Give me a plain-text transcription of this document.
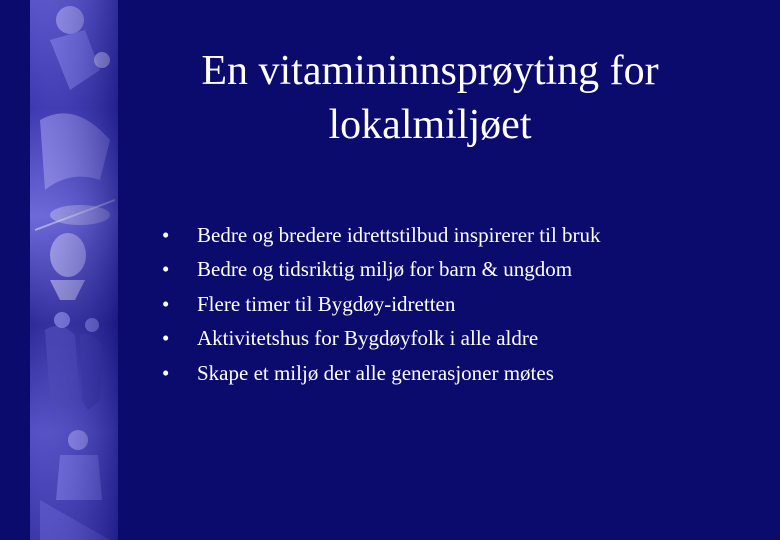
En vitamininnsprøyting for lokalmiljøet
•	Bedre og bredere idrettstilbud inspirerer til bruk
•	Bedre og tidsriktig miljø for barn & ungdom
•	Flere timer til Bygdøy-idretten
•	Aktivitetshus for Bygdøyfolk i alle aldre
•	Skape et miljø der alle generasjoner møtes
